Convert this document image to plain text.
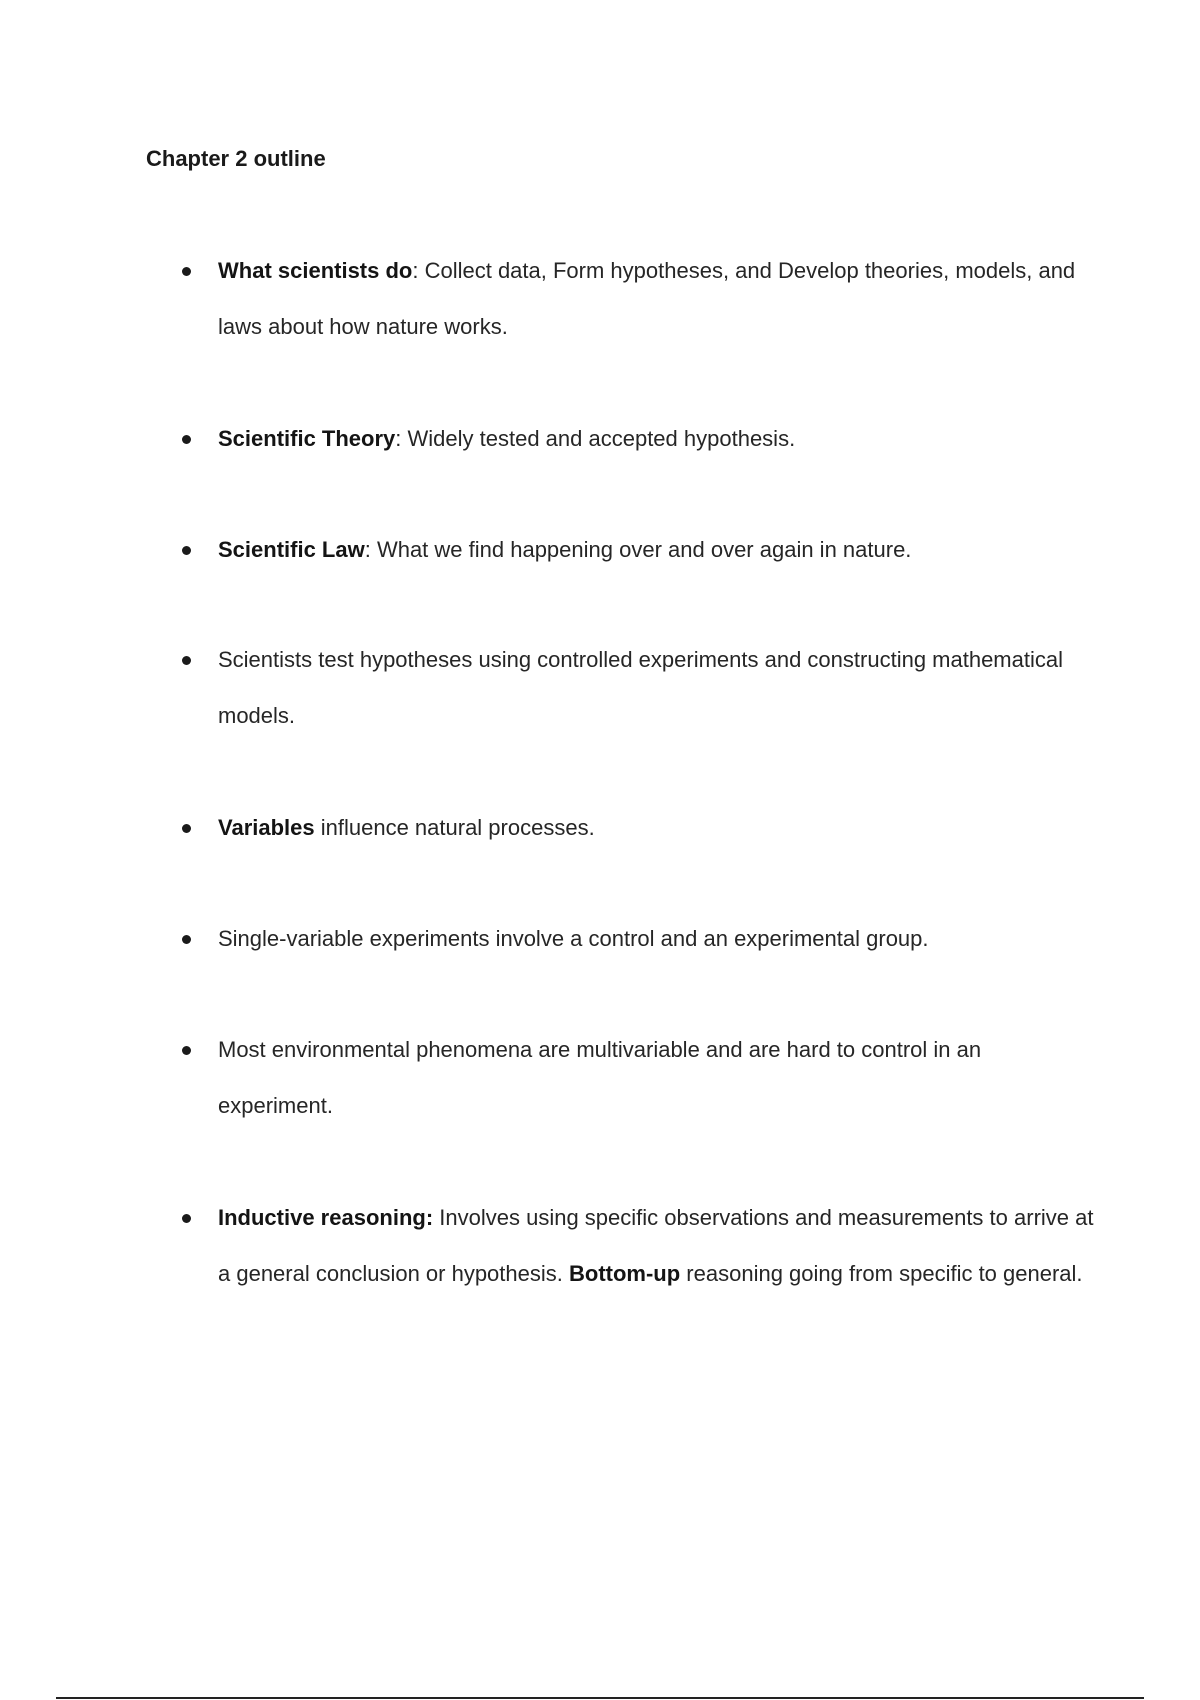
Chapter 2 outline
What scientists do: Collect data, Form hypotheses, and Develop theories, models, and laws about how nature works.
Scientific Theory: Widely tested and accepted hypothesis.
Scientific Law: What we find happening over and over again in nature.
Scientists test hypotheses using controlled experiments and constructing mathematical models.
Variables influence natural processes.
Single-variable experiments involve a control and an experimental group.
Most environmental phenomena are multivariable and are hard to control in an experiment.
Inductive reasoning: Involves using specific observations and measurements to arrive at a general conclusion or hypothesis. Bottom-up reasoning going from specific to general.
